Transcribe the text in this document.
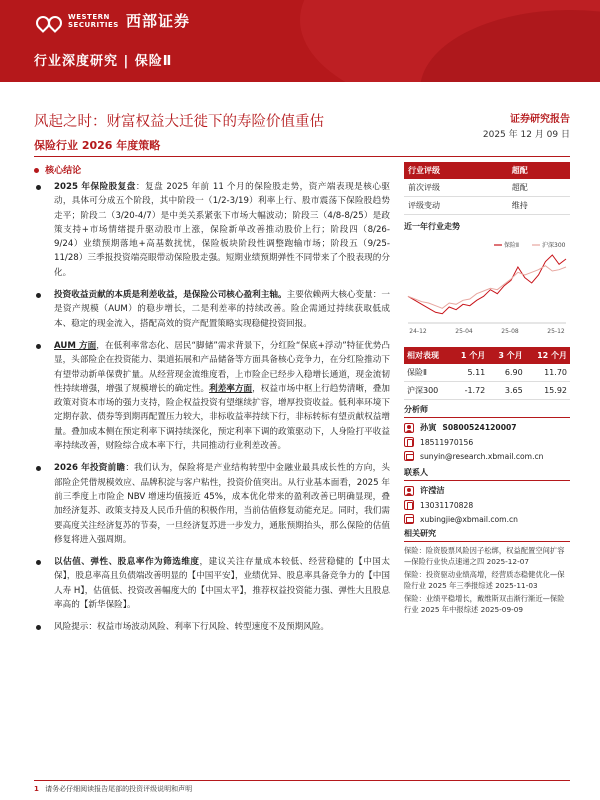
WESTERN SECURITIES 西部证券
行业深度研究 | 保险Ⅱ
风起之时：财富权益大迁徙下的寿险价值重估
保险行业 2026 年度策略
证券研究报告
2025 年 12 月 09 日
核心结论
2025 年保险股复盘：复盘 2025 年前 11 个月的保险股走势，资产端表现是核心驱动，具体可分成五个阶段，其中阶段一（1/2-3/19）利率上行、股市震荡下保险股趋势走平；阶段二（3/20-4/7）是中美关系紧张下市场大幅波动；阶段三（4/8-8/25）是政策支持+市场情绪提升驱动股市上涨，保险新单改善推动股价上行；阶段四（8/26-9/24）业绩预期落地+高基数扰忧，保险板块阶段性调整跑输市场；阶段五（9/25-11/28）三季报投资端亮眼带动保险股走强。短期业绩预期弹性不同带来了个股表现的分化。
投资收益贡献的本质是利差收益，是保险公司核心盈利主轴。主要依赖两大核心变量：一是资产规模（AUM）的稳步增长，二是利差率的持续改善。险企需通过持续获取低成本、稳定的现金流入，搭配高效的资产配置策略实现稳健投资回报。
AUM 方面，在低利率常态化、居民“脚储”需求背景下，分红险“保底+浮动”特征优势凸显，头部险企在投资能力、渠道拓展和产品储备等方面具备核心竞争力，在分红险推动下有望带动新单保费扩量。从经营现金流维度看，上市险企已经步入稳增长通道，现金流韧性持续增强，增强了规模增长的确定性。利差率方面，权益市场中枢上行趋势清晰，叠加政策对资本市场的强力支持，险企权益投资有望继续扩容，增厚投资收益。低利率环境下定期存款、债券等到期再配置压力较大，非标收益率持续下行，非标转标有望贡献权益增量。叠加成本侧在预定利率下调持续深化，预定利率下调的政策驱动下，人身险打平收益率持续改善，财险综合成本率下行，共同推动行业利差改善。
2026 年投资前瞻：我们认为，保险将是产业结构转型中金融业最具成长性的方向，头部险企凭借规模效应、品牌积淀与客户粘性，投资价值突出。从行业基本面看，2025 年前三季度上市险企 NBV 增速均值接近 45%，成本优化带来的盈利改善已明确显现，叠加经济复苏、政策支持及人民币升值的积极作用，当前估值修复动能充足。同时，我们需要高度关注经济复苏的节奏，一旦经济复苏进一步发力，通胀预期抬头，那么保险的估值修复将进入强周期。
以估值、弹性、股息率作为筛选维度，建议关注存量成本较低、经营稳健的【中国太保】，股息率高且负债端改善明显的【中国平安】，业绩优异、股息率具备竞争力的【中国人寿 H】，估值低、投资改善幅度大的【中国太平】，推荐权益投资能力强、弹性大且股息率高的【新华保险】。
风险提示：权益市场波动风险、利率下行风险、转型速度不及预期风险。
行业评级	超配
前次评级	超配
评级变动	维持
近一年行业走势
24-12	25-04	25-08	25-12
保险Ⅱ	沪深300
相对表现	1 个月	3 个月	12 个月
保险Ⅱ	5.11	6.90	11.70
沪深300	-1.72	3.65	15.92
分析师
孙寅 S0800524120007
18511970156
sunyin@research.xbmail.com.cn
联系人
许滢洁
13031170828
xubingjie@xbmail.com.cn
相关研究
保险：险资股票风险因子松绑，权益配置空间扩容—保险行业快点速递之四 2025-12-07
保险：投资驱动业绩高增，经营质态稳健优化—保险行业 2025 年三季报综述 2025-11-03
保险：业绩平稳增长，戴维斯双击渐行渐近—保险行业 2025 年中报综述 2025-09-09
1 请务必仔细阅读报告尾部的投资评级说明和声明
